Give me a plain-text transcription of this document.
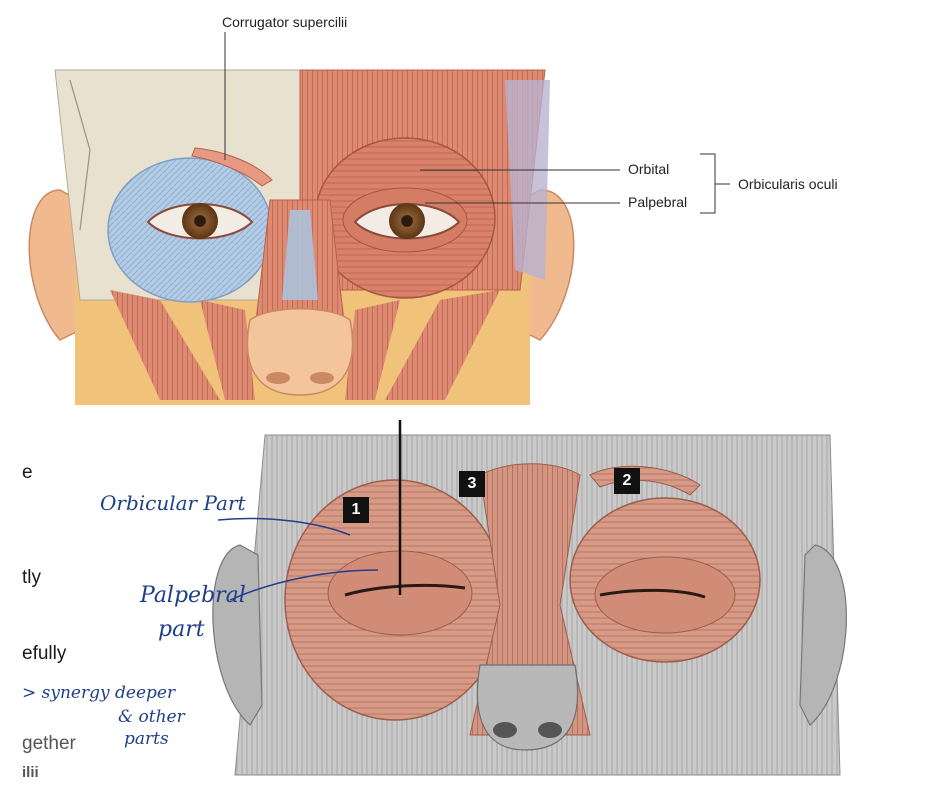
Corrugator supercilii
Orbital
Palpebral
Orbicularis oculi
1
2
3
Orbicular Part
Palpebral
part
> synergy deeper
& other
parts
e
tly
efully
gether
ilii
